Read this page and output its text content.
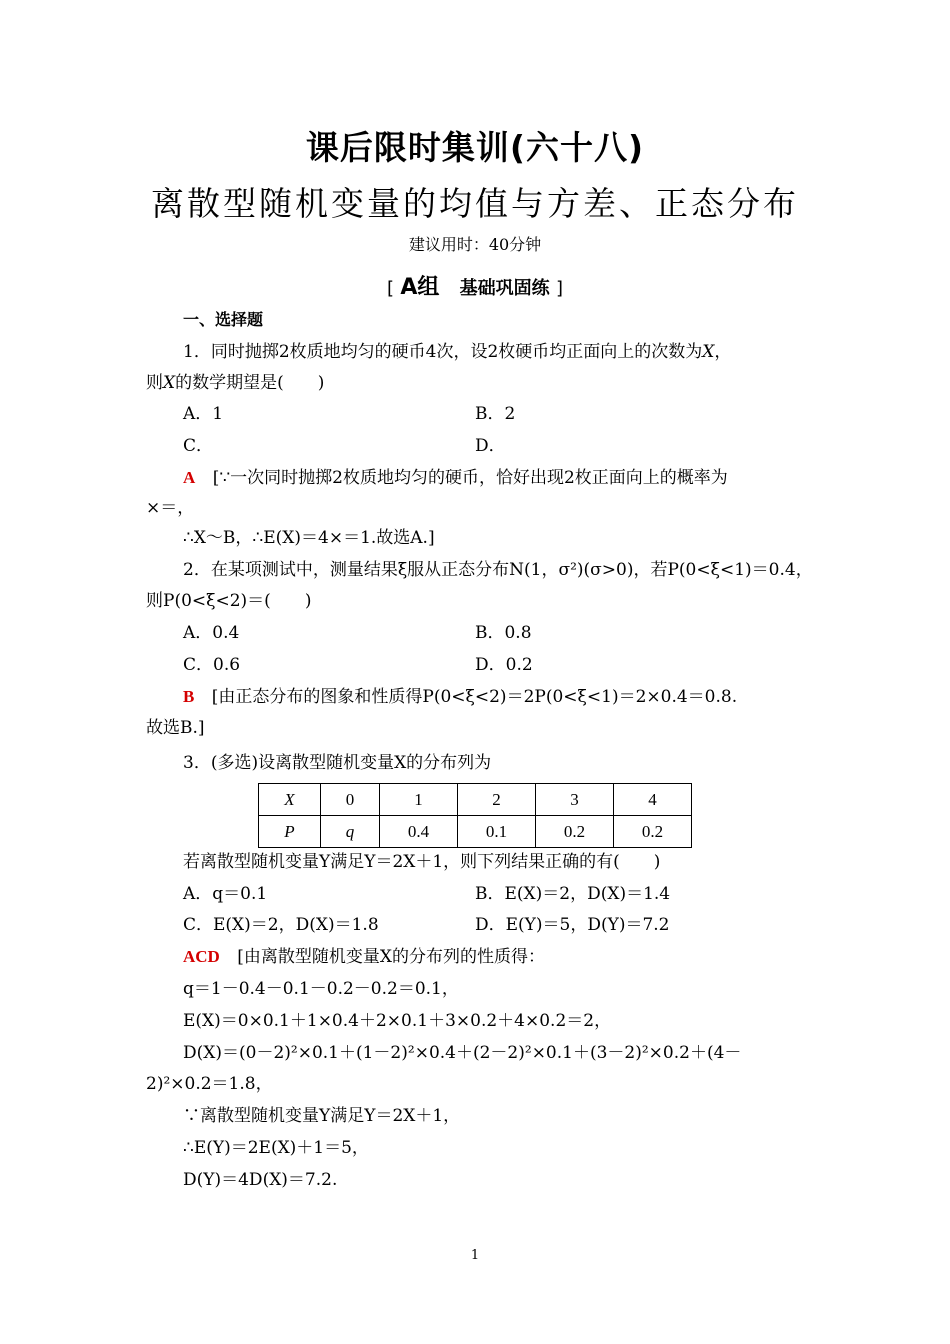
课后限时集训(六十八)
离散型随机变量的均值与方差、正态分布
建议用时：40分钟
[ A组 基础巩固练 ]
一、选择题
1．同时抛掷2枚质地均匀的硬币4次，设2枚硬币均正面向上的次数为X，
则X的数学期望是(　　)
A．1	B．2
C．	D．
A [∵一次同时抛掷2枚质地均匀的硬币，恰好出现2枚正面向上的概率为
×＝，
∴X～B，∴E(X)＝4×＝1.故选A.]
2．在某项测试中，测量结果ξ服从正态分布N(1，σ²)(σ>0)，若P(0<ξ<1)＝0.4，
则P(0<ξ<2)＝(　　)
A．0.4	B．0.8
C．0.6	D．0.2
B [由正态分布的图象和性质得P(0<ξ<2)＝2P(0<ξ<1)＝2×0.4＝0.8.
故选B.]
3．(多选)设离散型随机变量X的分布列为
X	0	1	2	3	4
P	q	0.4	0.1	0.2	0.2
若离散型随机变量Y满足Y＝2X＋1，则下列结果正确的有(　　)
A．q＝0.1	B．E(X)＝2，D(X)＝1.4
C．E(X)＝2，D(X)＝1.8	D．E(Y)＝5，D(Y)＝7.2
ACD [由离散型随机变量X的分布列的性质得：
q＝1－0.4－0.1－0.2－0.2＝0.1，
E(X)＝0×0.1＋1×0.4＋2×0.1＋3×0.2＋4×0.2＝2，
D(X)＝(0－2)²×0.1＋(1－2)²×0.4＋(2－2)²×0.1＋(3－2)²×0.2＋(4－
2)²×0.2＝1.8，
∵离散型随机变量Y满足Y＝2X＋1，
∴E(Y)＝2E(X)＋1＝5，
D(Y)＝4D(X)＝7.2.
1
